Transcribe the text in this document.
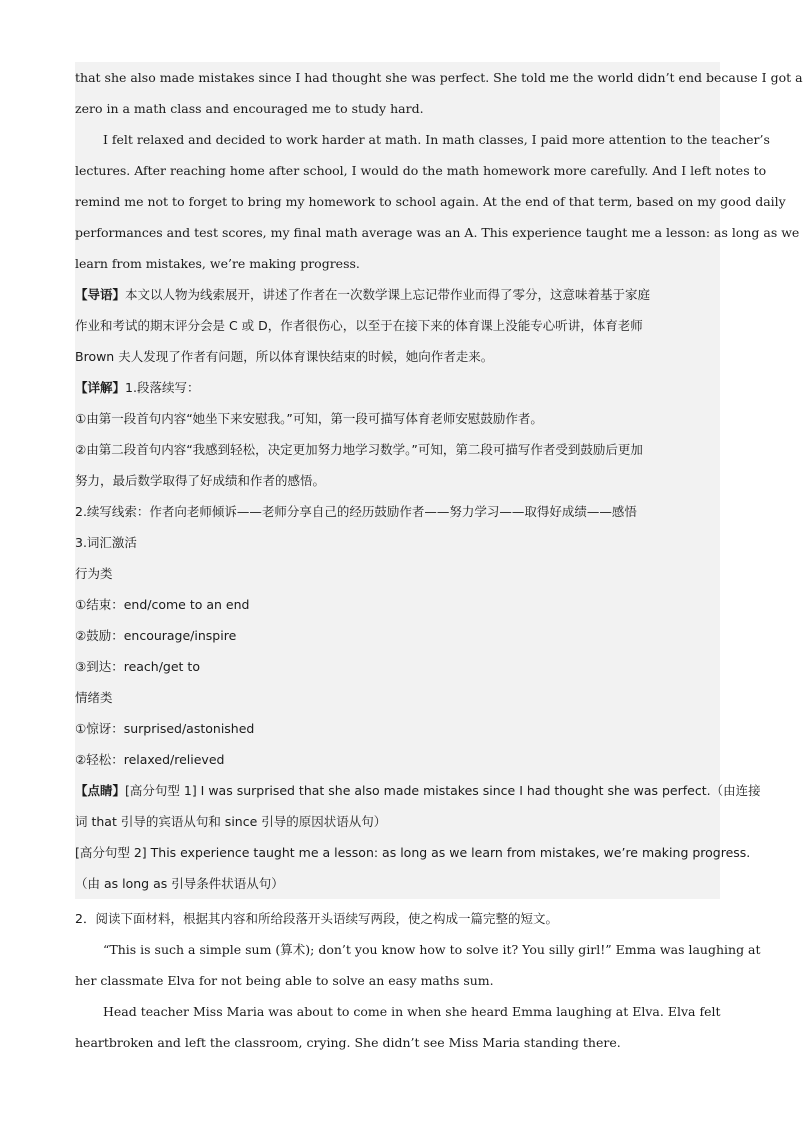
that she also made mistakes since I had thought she was perfect. She told me the world didn’t end because I got a
zero in a math class and encouraged me to study hard.
I felt relaxed and decided to work harder at math. In math classes, I paid more attention to the teacher’s
lectures. After reaching home after school, I would do the math homework more carefully. And I left notes to
remind me not to forget to bring my homework to school again. At the end of that term, based on my good daily
performances and test scores, my final math average was an A. This experience taught me a lesson: as long as we
learn from mistakes, we’re making progress.
【导语】本文以人物为线索展开，讲述了作者在一次数学课上忘记带作业而得了零分，这意味着基于家庭
作业和考试的期末评分会是 C 或 D，作者很伤心，以至于在接下来的体育课上没能专心听讲，体育老师
Brown 夫人发现了作者有问题，所以体育课快结束的时候，她向作者走来。
【详解】1.段落续写：
①由第一段首句内容“她坐下来安慰我。”可知，第一段可描写体育老师安慰鼓励作者。
②由第二段首句内容“我感到轻松，决定更加努力地学习数学。”可知，第二段可描写作者受到鼓励后更加
努力，最后数学取得了好成绩和作者的感悟。
2.续写线索：作者向老师倾诉——老师分享自己的经历鼓励作者——努力学习——取得好成绩——感悟
3.词汇激活
行为类
①结束：end/come to an end
②鼓励：encourage/inspire
③到达：reach/get to
情绪类
①惊讶：surprised/astonished
②轻松：relaxed/relieved
【点睛】[高分句型 1] I was surprised that she also made mistakes since I had thought she was perfect.（由连接
词 that 引导的宾语从句和 since 引导的原因状语从句）
[高分句型 2] This experience taught me a lesson: as long as we learn from mistakes, we’re making progress.
（由 as long as 引导条件状语从句）
2．阅读下面材料，根据其内容和所给段落开头语续写两段，使之构成一篇完整的短文。
“This is such a simple sum (算术); don’t you know how to solve it? You silly girl!” Emma was laughing at
her classmate Elva for not being able to solve an easy maths sum.
Head teacher Miss Maria was about to come in when she heard Emma laughing at Elva. Elva felt
heartbroken and left the classroom, crying. She didn’t see Miss Maria standing there.
